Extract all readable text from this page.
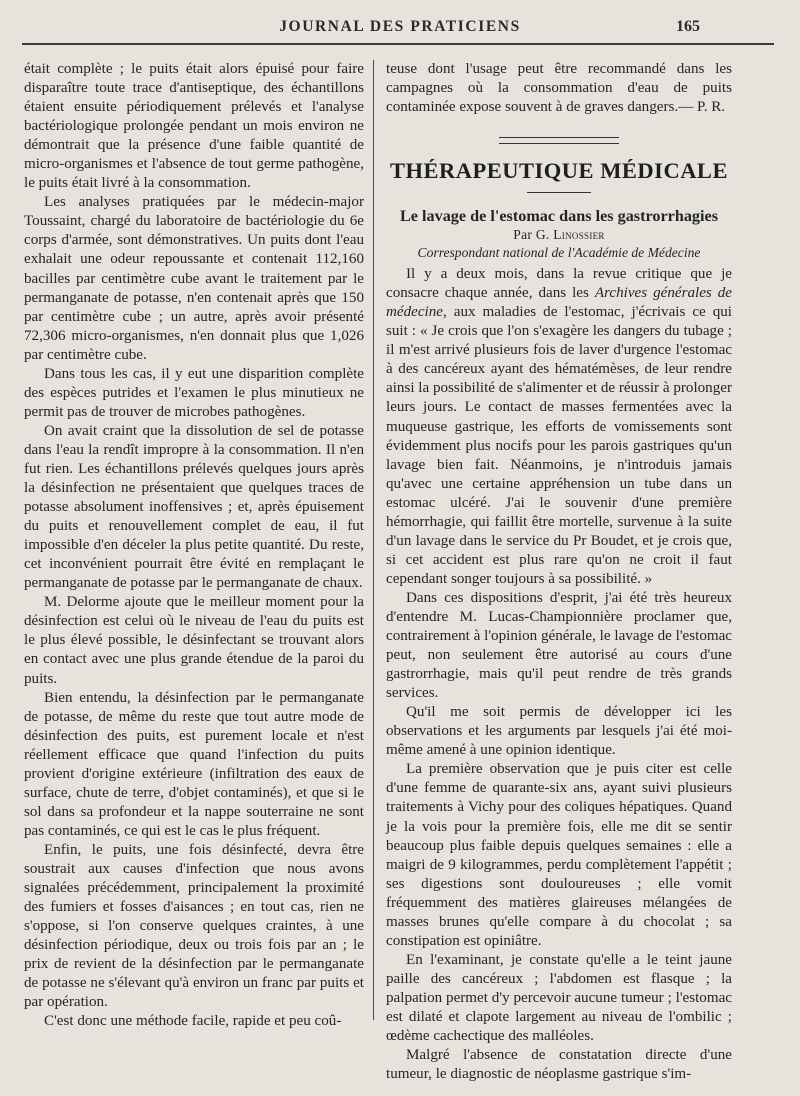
JOURNAL DES PRATICIENS	165

était complète ; le puits était alors épuisé pour faire disparaître toute trace d'antiseptique, des échantillons étaient ensuite périodiquement prélevés et l'analyse bactériologique prolongée pendant un mois environ ne démontrait que la présence d'une faible quantité de micro-organismes et l'absence de tout germe pathogène, le puits était livré à la consommation.

Les analyses pratiquées par le médecin-major Toussaint, chargé du laboratoire de bactériologie du 6e corps d'armée, sont démonstratives. Un puits dont l'eau exhalait une odeur repoussante et contenait 112,160 bacilles par centimètre cube avant le traitement par le permanganate de potasse, n'en contenait après que 150 par centimètre cube ; un autre, après avoir présenté 72,306 micro-organismes, n'en donnait plus que 1,026 par centimètre cube.

Dans tous les cas, il y eut une disparition complète des espèces putrides et l'examen le plus minutieux ne permit pas de trouver de microbes pathogènes.

On avait craint que la dissolution de sel de potasse dans l'eau la rendît impropre à la consommation. Il n'en fut rien. Les échantillons prélevés quelques jours après la désinfection ne présentaient que quelques traces de potasse absolument inoffensives ; et, après épuisement du puits et renouvellement complet de eau, il fut impossible d'en déceler la plus petite quantité. Du reste, cet inconvénient pourrait être évité en remplaçant le permanganate de potasse par le permanganate de chaux.

M. Delorme ajoute que le meilleur moment pour la désinfection est celui où le niveau de l'eau du puits est le plus élevé possible, le désinfectant se trouvant alors en contact avec une plus grande étendue de la paroi du puits.

Bien entendu, la désinfection par le permanganate de potasse, de même du reste que tout autre mode de désinfection des puits, est purement locale et n'est réellement efficace que quand l'infection du puits provient d'origine extérieure (infiltration des eaux de surface, chute de terre, d'objet contaminés), et que si le sol dans sa profondeur et la nappe souterraine ne sont pas contaminés, ce qui est le cas le plus fréquent.

Enfin, le puits, une fois désinfecté, devra être soustrait aux causes d'infection que nous avons signalées précédemment, principalement la proximité des fumiers et fosses d'aisances ; en tout cas, rien ne s'oppose, si l'on conserve quelques craintes, à une désinfection périodique, deux ou trois fois par an ; le prix de revient de la désinfection par le permanganate de potasse ne s'élevant qu'à environ un franc par puits et par opération.

C'est donc une méthode facile, rapide et peu coû-

teuse dont l'usage peut être recommandé dans les campagnes où la consommation d'eau de puits contaminée expose souvent à de graves dangers.— P. R.

THÉRAPEUTIQUE MÉDICALE
Le lavage de l'estomac dans les gastrorrhagies
Par G. Linossier
Correspondant national de l'Académie de Médecine

Il y a deux mois, dans la revue critique que je consacre chaque année, dans les Archives générales de médecine, aux maladies de l'estomac, j'écrivais ce qui suit : « Je crois que l'on s'exagère les dangers du tubage ; il m'est arrivé plusieurs fois de laver d'urgence l'estomac à des cancéreux ayant des hématémèses, de leur rendre ainsi la possibilité de s'alimenter et de réussir à prolonger leurs jours. Le contact de masses fermentées avec la muqueuse gastrique, les efforts de vomissements sont évidemment plus nocifs pour les parois gastriques qu'un lavage bien fait. Néanmoins, je n'introduis jamais qu'avec une certaine appréhension un tube dans un estomac ulcéré. J'ai le souvenir d'une première hémorrhagie, qui faillit être mortelle, survenue à la suite d'un lavage dans le service du Pr Boudet, et je crois que, si cet accident est plus rare qu'on ne croit il faut cependant songer toujours à sa possibilité. »

Dans ces dispositions d'esprit, j'ai été très heureux d'entendre M. Lucas-Championnière proclamer que, contrairement à l'opinion générale, le lavage de l'estomac peut, non seulement être autorisé au cours d'une gastrorrhagie, mais qu'il peut rendre de très grands services.

Qu'il me soit permis de développer ici les observations et les arguments par lesquels j'ai été moi-même amené à une opinion identique.

La première observation que je puis citer est celle d'une femme de quarante-six ans, ayant suivi plusieurs traitements à Vichy pour des coliques hépatiques. Quand je la vois pour la première fois, elle me dit se sentir beaucoup plus faible depuis quelques semaines : elle a maigri de 9 kilogrammes, perdu complètement l'appétit ; ses digestions sont douloureuses ; elle vomit fréquemment des matières glaireuses mélangées de masses brunes qu'elle compare à du chocolat ; sa constipation est opiniâtre.

En l'examinant, je constate qu'elle a le teint jaune paille des cancéreux ; l'abdomen est flasque ; la palpation permet d'y percevoir aucune tumeur ; l'estomac est dilaté et clapote largement au niveau de l'ombilic ; œdème cachectique des malléoles.

Malgré l'absence de constatation directe d'une tumeur, le diagnostic de néoplasme gastrique s'im-
